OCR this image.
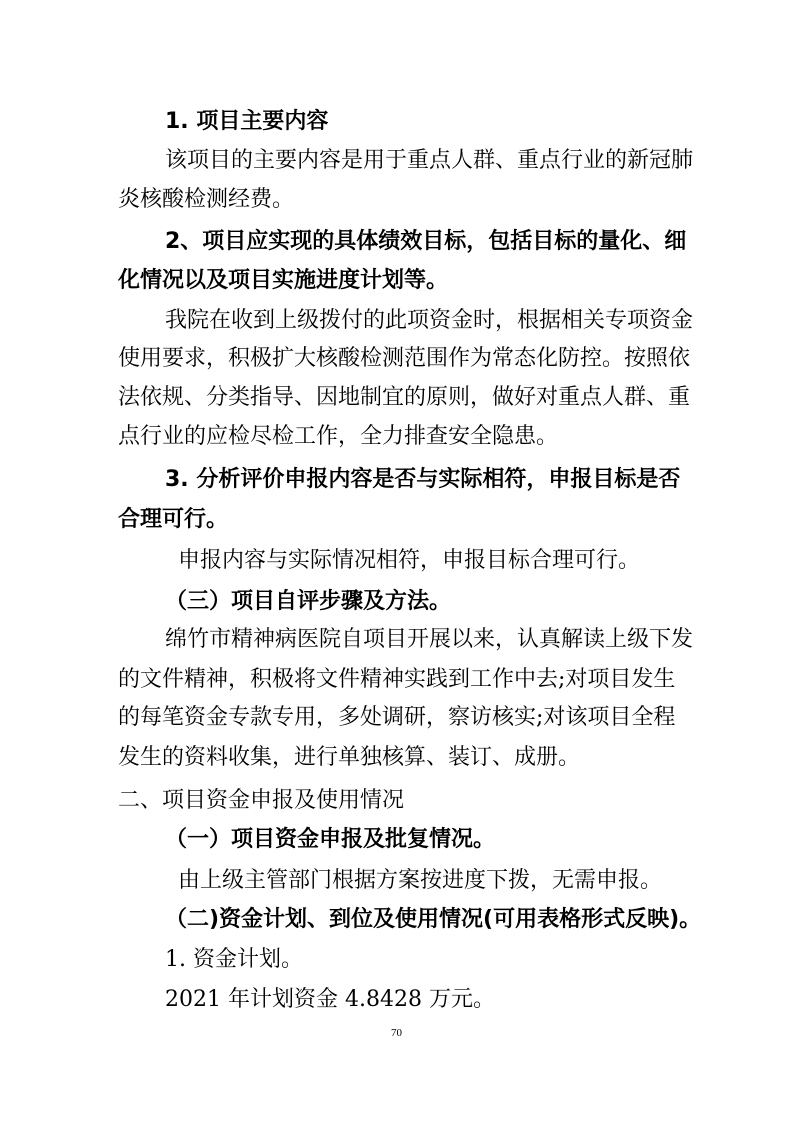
1. 项目主要内容
该项目的主要内容是用于重点人群、重点行业的新冠肺
炎核酸检测经费。
2、项目应实现的具体绩效目标，包括目标的量化、细
化情况以及项目实施进度计划等。
我院在收到上级拨付的此项资金时，根据相关专项资金
使用要求，积极扩大核酸检测范围作为常态化防控。按照依
法依规、分类指导、因地制宜的原则，做好对重点人群、重
点行业的应检尽检工作，全力排查安全隐患。
3. 分析评价申报内容是否与实际相符，申报目标是否
合理可行。
申报内容与实际情况相符，申报目标合理可行。
（三）项目自评步骤及方法。
绵竹市精神病医院自项目开展以来，认真解读上级下发
的文件精神，积极将文件精神实践到工作中去;对项目发生
的每笔资金专款专用，多处调研，察访核实;对该项目全程
发生的资料收集，进行单独核算、装订、成册。
二、项目资金申报及使用情况
（一）项目资金申报及批复情况。
由上级主管部门根据方案按进度下拨，无需申报。
（二)资金计划、到位及使用情况(可用表格形式反映)。
1. 资金计划。
2021 年计划资金 4.8428 万元。
70
